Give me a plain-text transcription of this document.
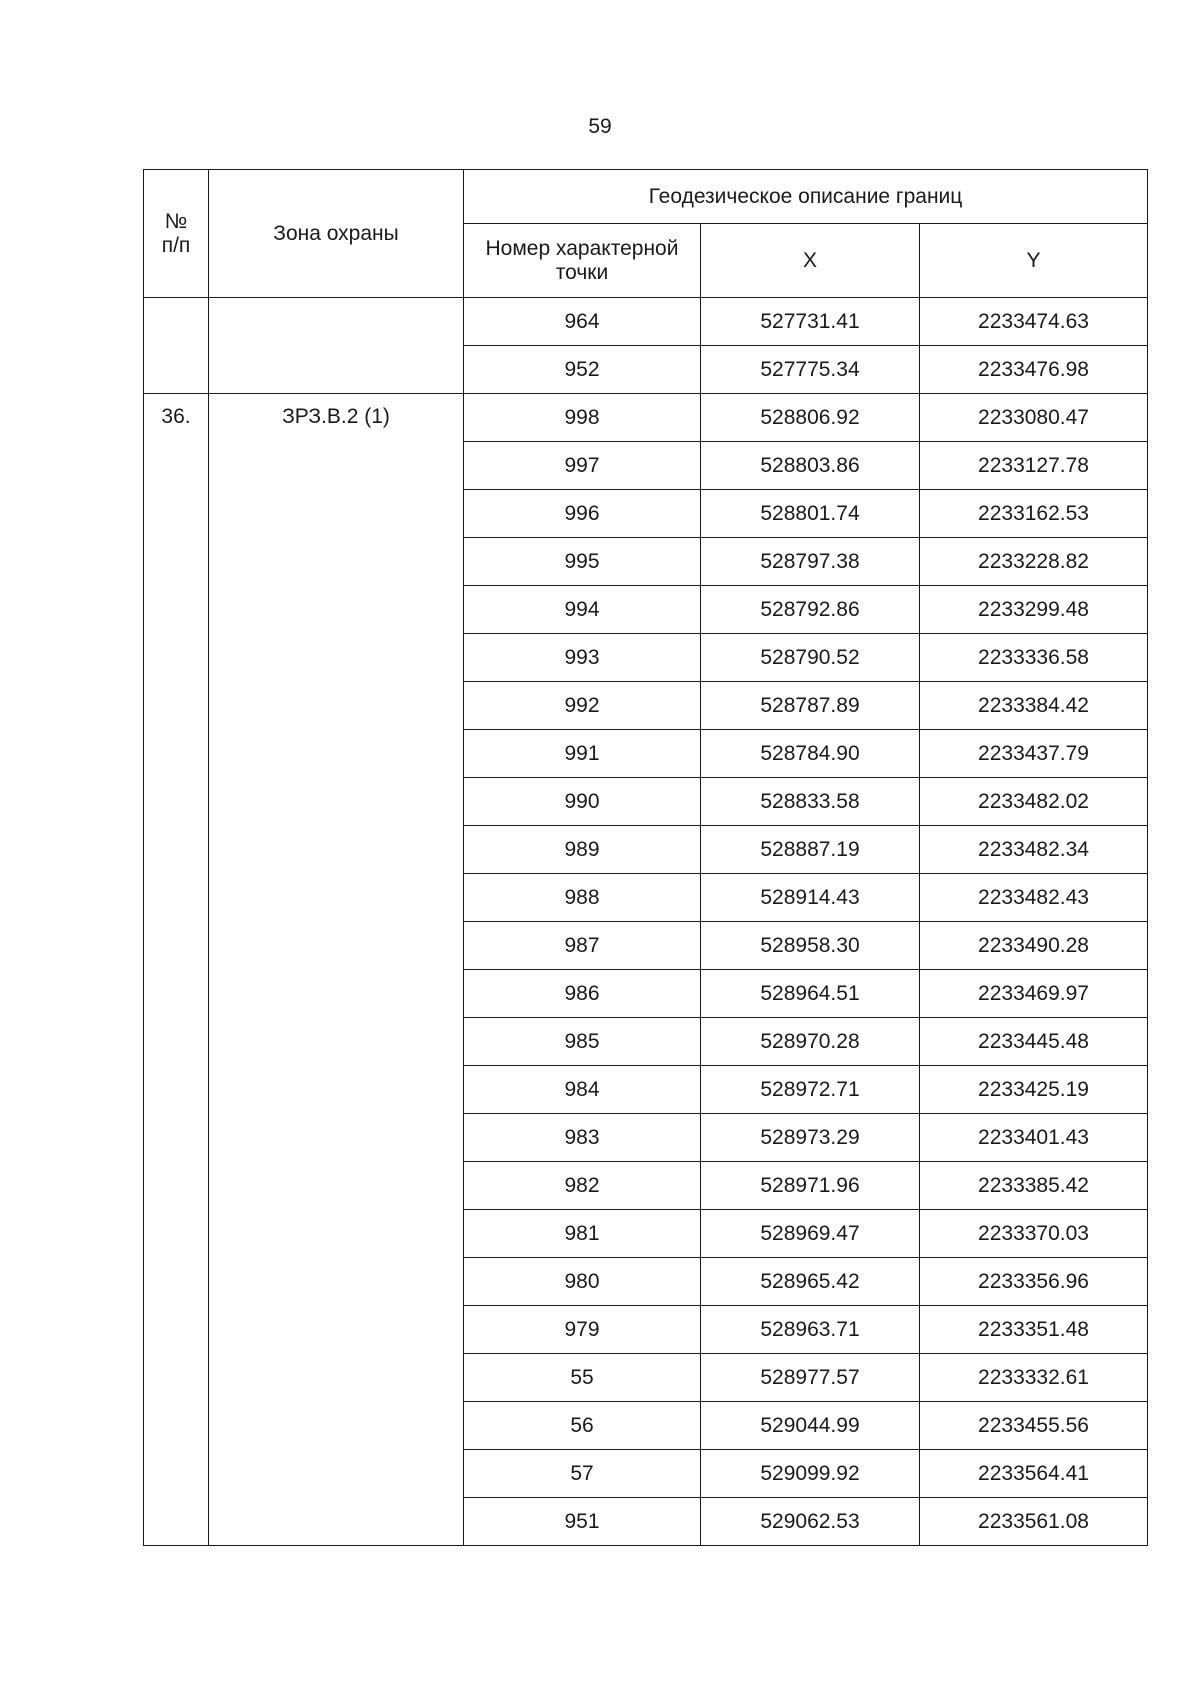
59
№ п/п	Зона охраны	Геодезическое описание границ		
		Номер характерной точки	X	Y
		964	527731.41	2233474.63
		952	527775.34	2233476.98
36.	ЗРЗ.В.2 (1)	998	528806.92	2233080.47
		997	528803.86	2233127.78
		996	528801.74	2233162.53
		995	528797.38	2233228.82
		994	528792.86	2233299.48
		993	528790.52	2233336.58
		992	528787.89	2233384.42
		991	528784.90	2233437.79
		990	528833.58	2233482.02
		989	528887.19	2233482.34
		988	528914.43	2233482.43
		987	528958.30	2233490.28
		986	528964.51	2233469.97
		985	528970.28	2233445.48
		984	528972.71	2233425.19
		983	528973.29	2233401.43
		982	528971.96	2233385.42
		981	528969.47	2233370.03
		980	528965.42	2233356.96
		979	528963.71	2233351.48
		55	528977.57	2233332.61
		56	529044.99	2233455.56
		57	529099.92	2233564.41
		951	529062.53	2233561.08
